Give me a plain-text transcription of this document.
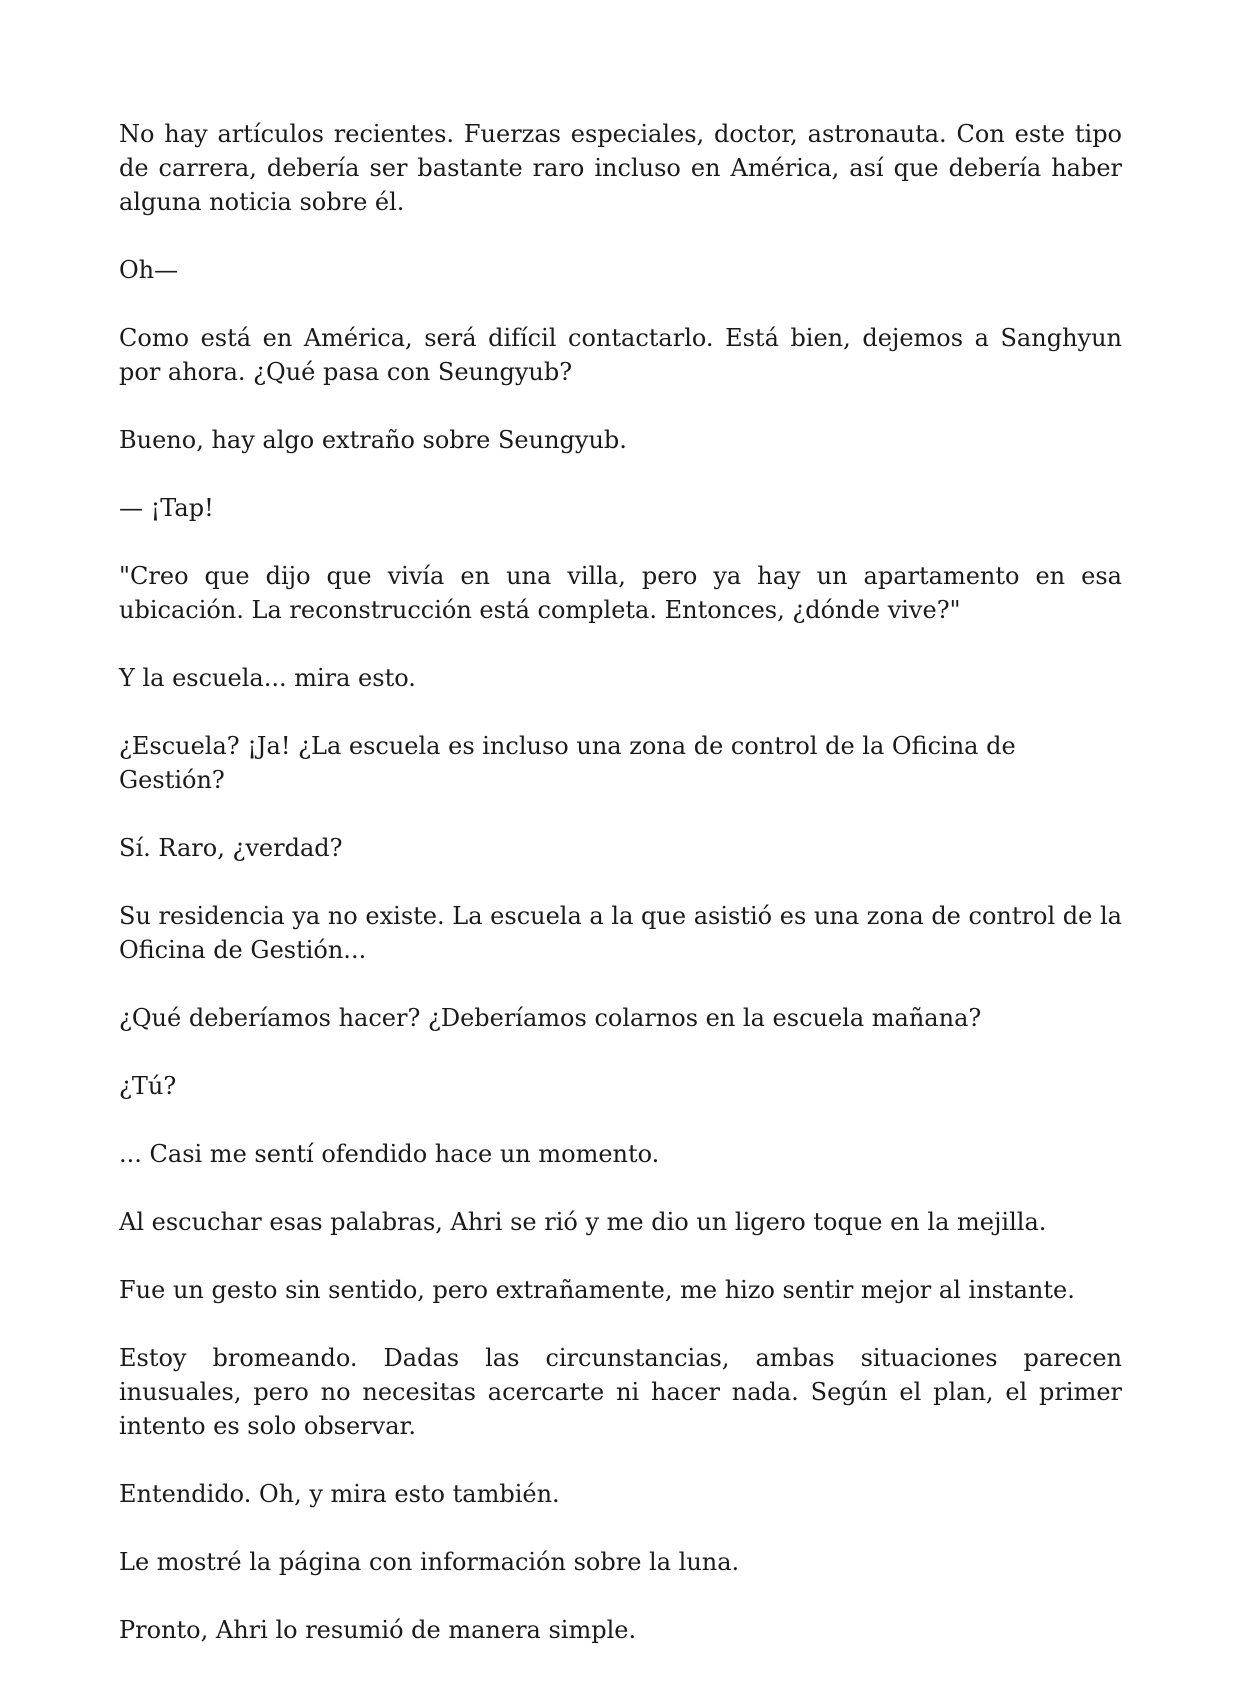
No hay artículos recientes. Fuerzas especiales, doctor, astronauta. Con este tipo de carrera, debería ser bastante raro incluso en América, así que debería haber alguna noticia sobre él.

Oh—

Como está en América, será difícil contactarlo. Está bien, dejemos a Sanghyun por ahora. ¿Qué pasa con Seungyub?

Bueno, hay algo extraño sobre Seungyub.

— ¡Tap!

"Creo que dijo que vivía en una villa, pero ya hay un apartamento en esa ubicación. La reconstrucción está completa. Entonces, ¿dónde vive?"

Y la escuela... mira esto.

¿Escuela? ¡Ja! ¿La escuela es incluso una zona de control de la Oficina de Gestión?

Sí. Raro, ¿verdad?

Su residencia ya no existe. La escuela a la que asistió es una zona de control de la Oficina de Gestión...

¿Qué deberíamos hacer? ¿Deberíamos colarnos en la escuela mañana?

¿Tú?

... Casi me sentí ofendido hace un momento.

Al escuchar esas palabras, Ahri se rió y me dio un ligero toque en la mejilla.

Fue un gesto sin sentido, pero extrañamente, me hizo sentir mejor al instante.

Estoy bromeando. Dadas las circunstancias, ambas situaciones parecen inusuales, pero no necesitas acercarte ni hacer nada. Según el plan, el primer intento es solo observar.

Entendido. Oh, y mira esto también.

Le mostré la página con información sobre la luna.

Pronto, Ahri lo resumió de manera simple.
